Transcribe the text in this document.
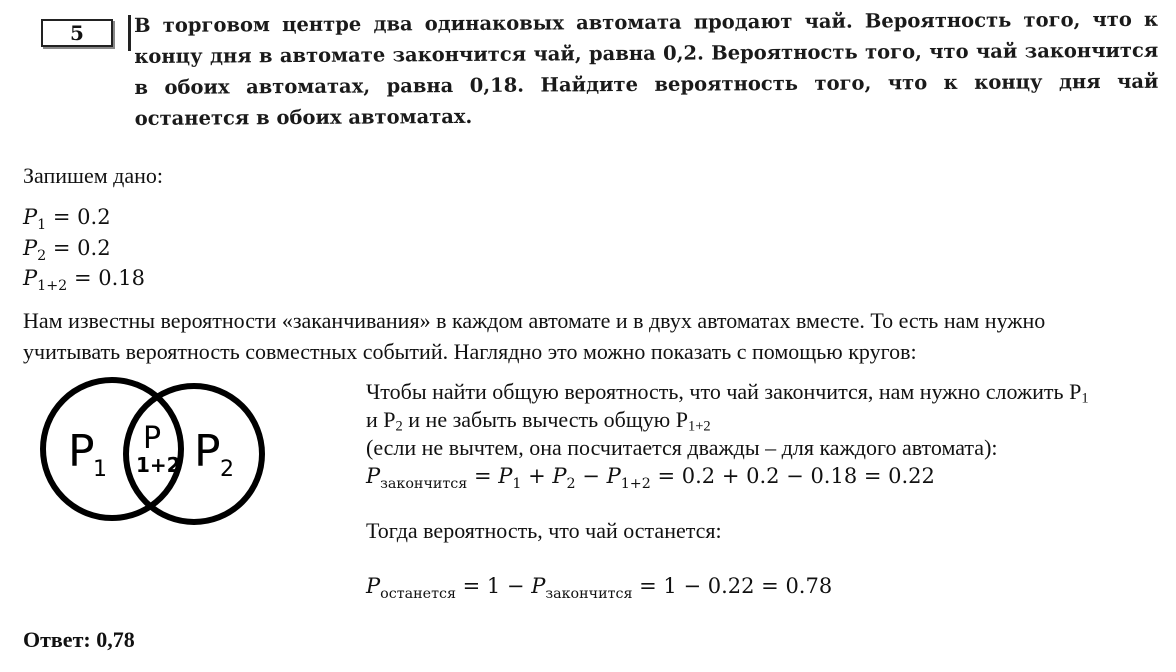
5	В торговом центре два одинаковых автомата продают чай. Вероятность того, что к концу дня в автомате закончится чай, равна 0,2. Вероятность того, что чай закончится в обоих автоматах, равна 0,18. Найдите вероятность того, что к концу дня чай останется в обоих автоматах.
Запишем дано:
$P_1 = 0.2$
$P_2 = 0.2$
$P_{1+2} = 0.18$
Нам известны вероятности «заканчивания» в каждом автомате и в двух автоматах вместе. То есть нам нужно
учитывать вероятность совместных событий. Наглядно это можно показать с помощью кругов:
P
1
P
1+2 P 2
Чтобы найти общую вероятность, что чай закончится, нам нужно сложить $P_1$
и $P_2$ и не забыть вычесть общую $P_{1+2}$
(если не вычтем, она посчитается дважды – для каждого автомата):
$P_{закончится} = P_1 + P_2 - P_{1+2} = 0.2 + 0.2 - 0.18 = 0.22$
Тогда вероятность, что чай останется:
$P_{останется} = 1 - P_{закончится} = 1 - 0.22 = 0.78$
Ответ: 0,78
